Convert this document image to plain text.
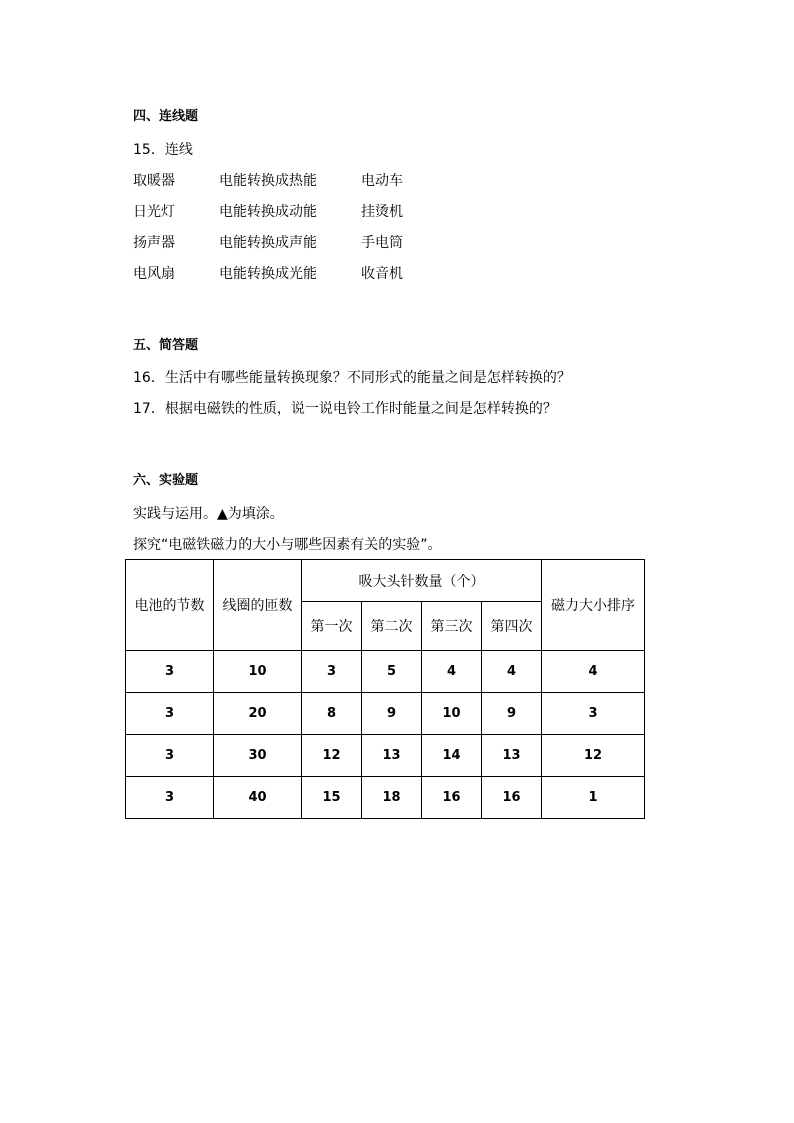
四、连线题
15．连线
取暖器	电能转换成热能	电动车
日光灯	电能转换成动能	挂烫机
扬声器	电能转换成声能	手电筒
电风扇	电能转换成光能	收音机
五、简答题
16．生活中有哪些能量转换现象？不同形式的能量之间是怎样转换的？
17．根据电磁铁的性质，说一说电铃工作时能量之间是怎样转换的？
六、实验题
实践与运用。▲为填涂。
探究“电磁铁磁力的大小与哪些因素有关的实验”。
电池的节数	线圈的匝数	吸大头针数量（个）				磁力大小排序
		第一次	第二次	第三次	第四次	
3	10	3	5	4	4	4
3	20	8	9	10	9	3
3	30	12	13	14	13	12
3	40	15	18	16	16	1
